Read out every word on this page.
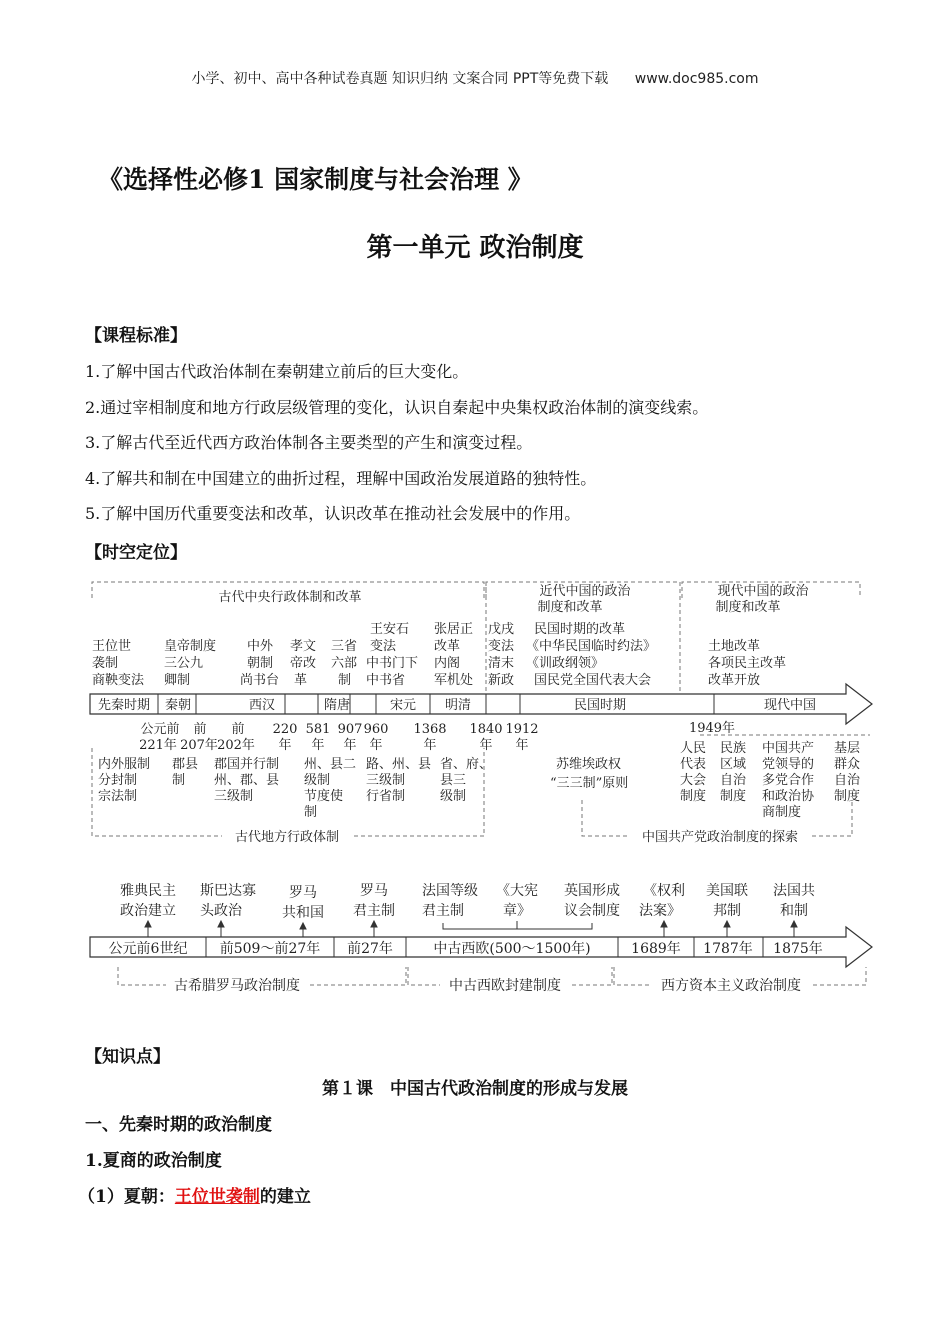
小学、初中、高中各种试卷真题 知识归纳 文案合同 PPT等免费下载 www.doc985.com
《选择性必修1 国家制度与社会治理 》
第一单元 政治制度
【课程标准】
1.了解中国古代政治体制在秦朝建立前后的巨大变化。
2.通过宰相制度和地方行政层级管理的变化，认识自秦起中央集权政治体制的演变线索。
3.了解古代至近代西方政治体制各主要类型的产生和演变过程。
4.了解共和制在中国建立的曲折过程，理解中国政治发展道路的独特性。
5.了解中国历代重要变法和改革，认识改革在推动社会发展中的作用。
【时空定位】
古代中央行政体制和改革	近代中国的政治
制度和改革
现代中国的政治
制度和改革
古代地方行政体制	中国共产党政治制度的探索
王位世
袭制
商鞅变法
皇帝制度
三公九
卿制
中外
朝制
尚书台
孝文
帝改
革
三省
六部
制
王安石
变法
中书门下
中书省
张居正
改革
内阁
军机处
戊戌
变法
清末
新政
民国时期的改革
《中华民国临时约法》
《训政纲领》
国民党全国代表大会
土地改革
各项民主改革
改革开放
先秦时期 秦朝	西汉	隋唐	宋元 明清	民国时期	现代中国
公元前
221年
前
207年
前
202年
220
年
581
年
907
年
960
年
1368
年
1840
年
1912
年
1949年
内外服制
分封制
宗法制
郡县
制
郡国并行制
州、郡、县
三级制
州、县二
级制
节度使
制
路、州、县
三级制
行省制
省、府、
县三
级制
苏维埃政权
“三三制”原则
人民
代表
大会
制度
民族
区域
自治
制度
中国共产
党领导的
多党合作
和政治协
商制度
基层
群众
自治
制度
雅典民主
政治建立
斯巴达寡
头政治
罗马
共和国
罗马
君主制
法国等级
君主制
《大宪
章》
英国形成
议会制度
《权利
法案》
美国联
邦制
法国共
和制
公元前6世纪 前509～前27年 前27年	中古西欧(500～1500年)	1689年 1787年 1875年
古希腊罗马政治制度	中古西欧封建制度	西方资本主义政治制度
【知识点】
第１课　中国古代政治制度的形成与发展
一、先秦时期的政治制度
1.夏商的政治制度
（1）夏朝：王位世袭制的建立
